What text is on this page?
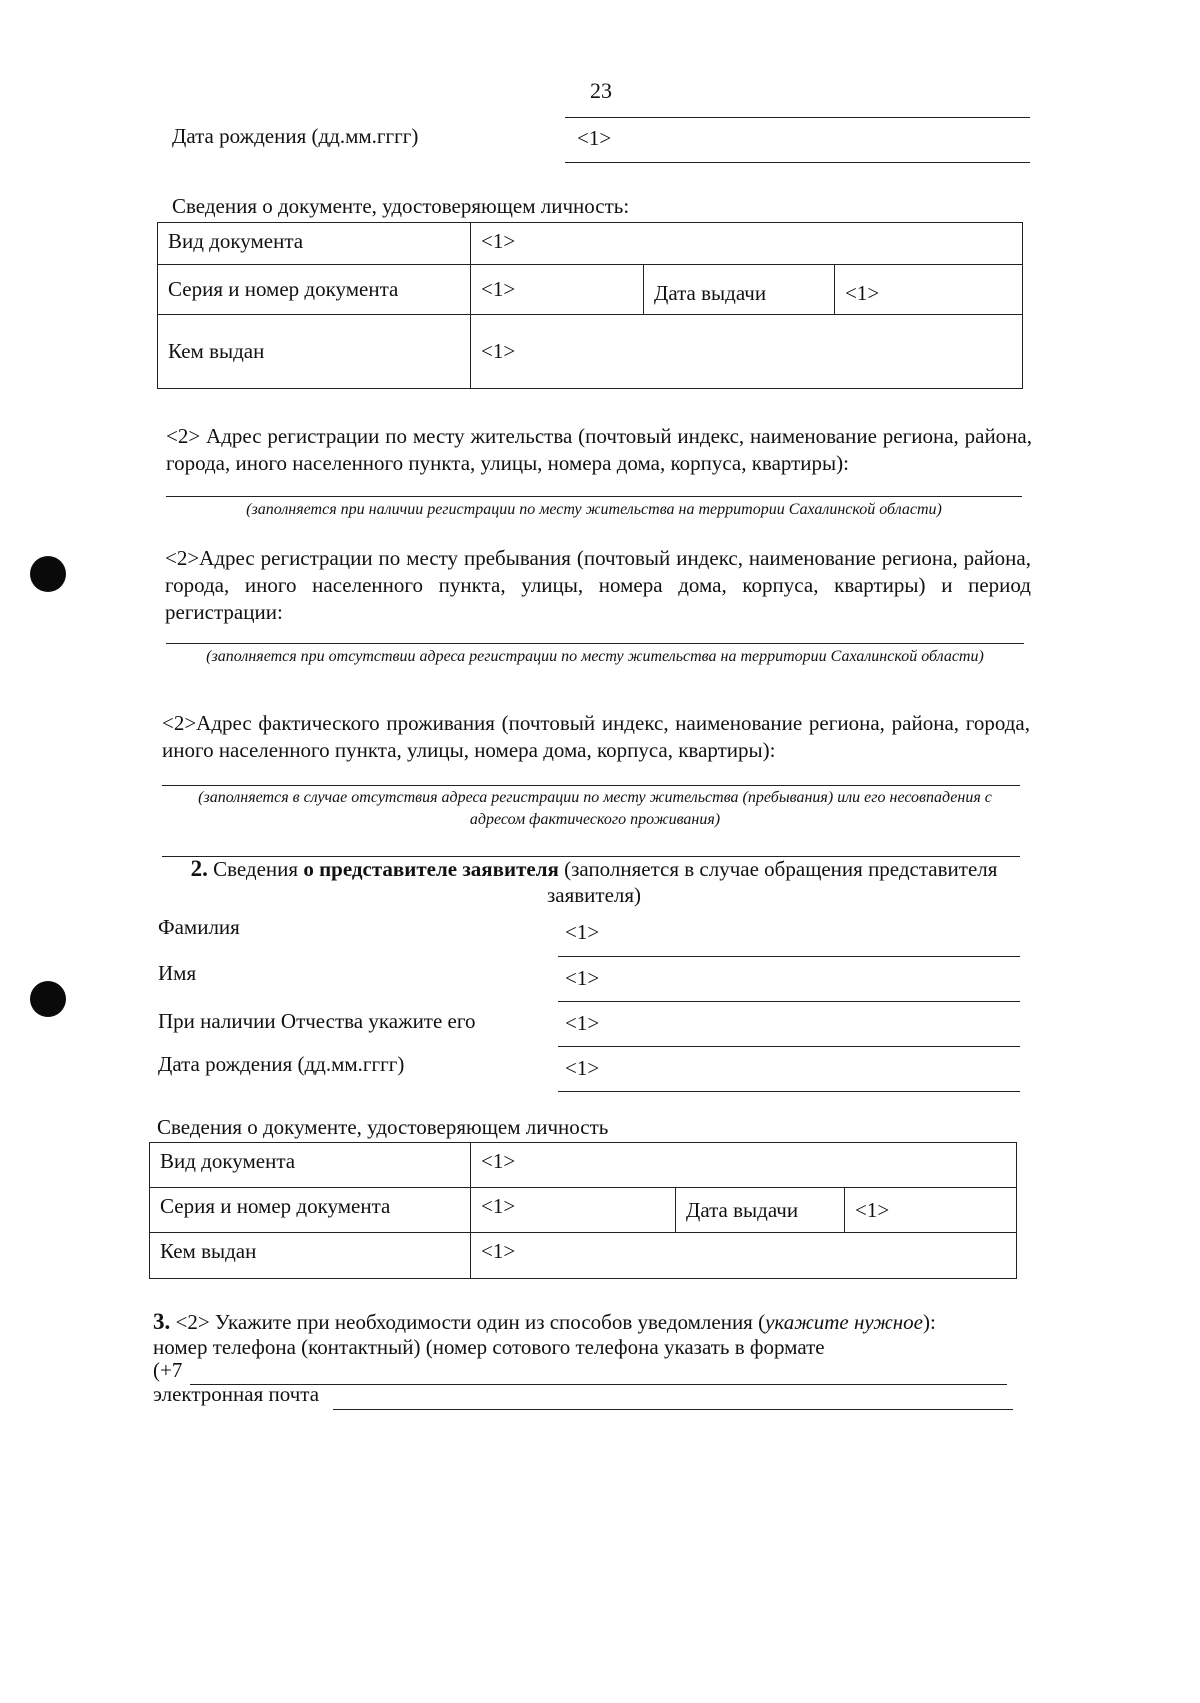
23
Дата рождения (дд.мм.гггг)	<1>
Сведения о документе, удостоверяющем личность:
Вид документа	<1>		
Серия и номер документа	<1>	Дата выдачи	<1>
Кем выдан	<1>		
<2> Адрес регистрации по месту жительства (почтовый индекс, наименование региона, района, города, иного населенного пункта, улицы, номера дома, корпуса, квартиры):
(заполняется при наличии регистрации по месту жительства на территории Сахалинской области)
<2>Адрес регистрации по месту пребывания (почтовый индекс, наименование региона, района, города, иного населенного пункта, улицы, номера дома, корпуса, квартиры) и период регистрации:
(заполняется при отсутствии адреса регистрации по месту жительства на территории Сахалинской области)
<2>Адрес фактического проживания (почтовый индекс, наименование региона, района, города, иного населенного пункта, улицы, номера дома, корпуса, квартиры):
(заполняется в случае отсутствия адреса регистрации по месту жительства (пребывания) или его несовпадения с адресом фактического проживания)
2. Сведения о представителе заявителя (заполняется в случае обращения представителя заявителя)
Фамилия	<1>
Имя	<1>
При наличии Отчества укажите его	<1>
Дата рождения (дд.мм.гггг)	<1>
Сведения о документе, удостоверяющем личность
Вид документа	<1>		
Серия и номер документа	<1>	Дата выдачи	<1>
Кем выдан	<1>		
3. <2> Укажите при необходимости один из способов уведомления (укажите нужное):
номер телефона (контактный) (номер сотового телефона указать в формате
(+7
электронная почта
